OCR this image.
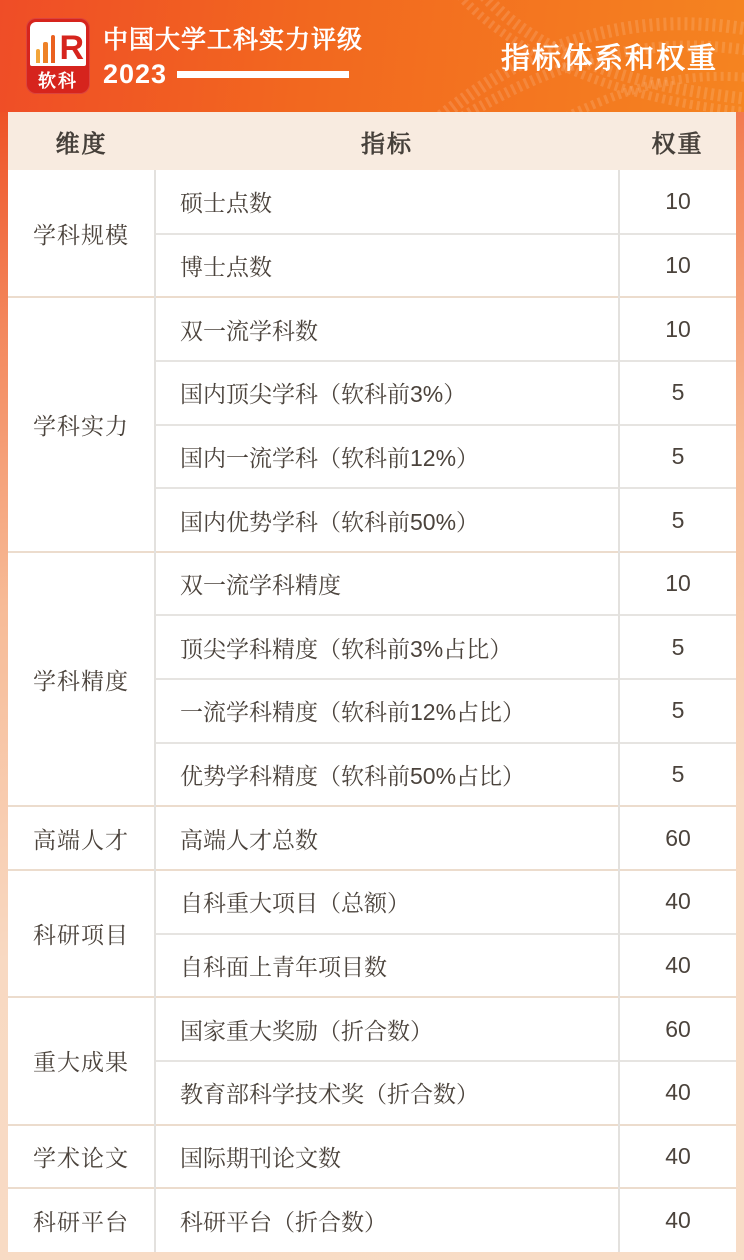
R
软科
中国大学工科实力评级
2023	指标体系和权重
维度	指标	权重
学科规模	硕士点数	10
	博士点数	10
学科实力	双一流学科数	10
	国内顶尖学科（软科前3%）	5
	国内一流学科（软科前12%）	5
	国内优势学科（软科前50%）	5
学科精度	双一流学科精度	10
	顶尖学科精度（软科前3%占比）	5
	一流学科精度（软科前12%占比）	5
	优势学科精度（软科前50%占比）	5
高端人才	高端人才总数	60
科研项目	自科重大项目（总额）	40
	自科面上青年项目数	40
重大成果	国家重大奖励（折合数）	60
	教育部科学技术奖（折合数）	40
学术论文	国际期刊论文数	40
科研平台	科研平台（折合数）	40
